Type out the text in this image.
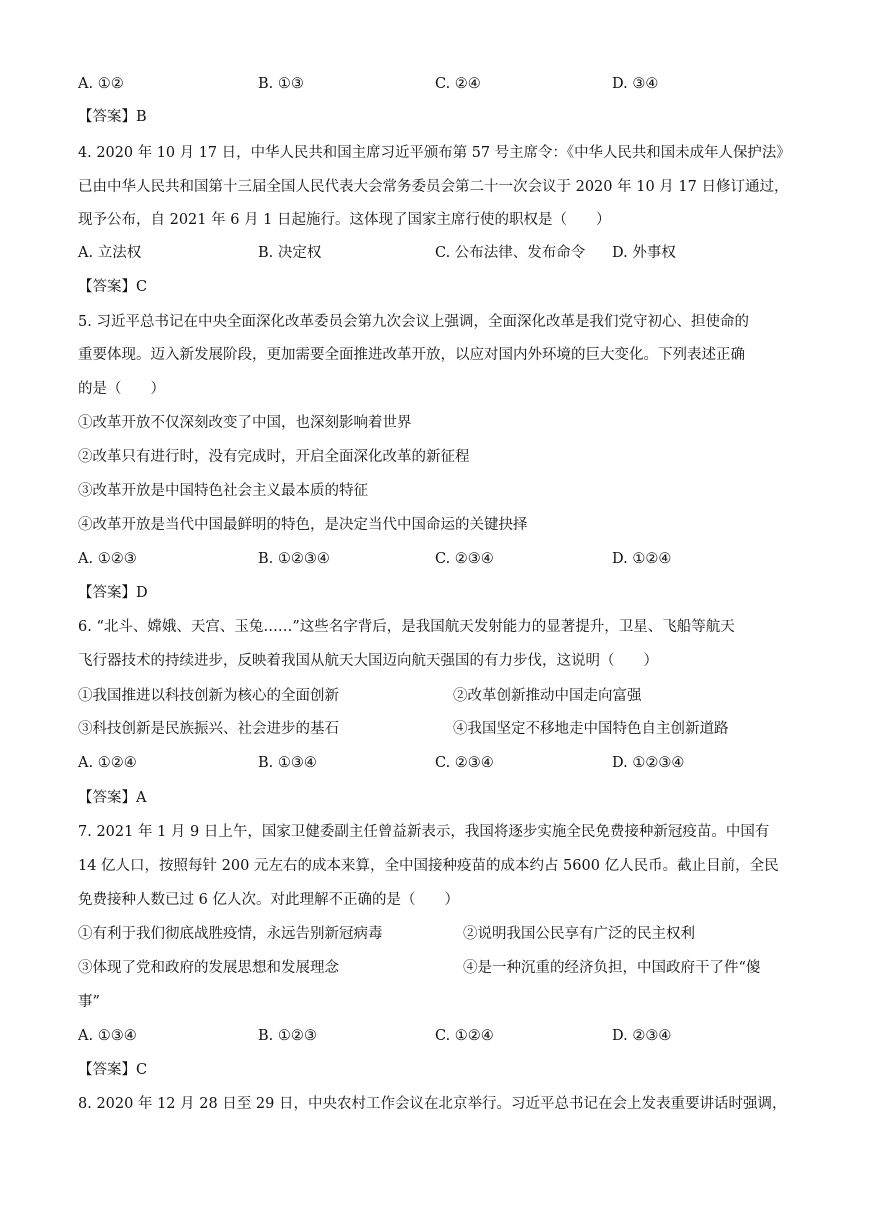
A. ①②	B. ①③	C. ②④	D. ③④
【答案】B
4. 2020 年 10 月 17 日，中华人民共和国主席习近平颁布第 57 号主席令：《中华人民共和国未成年人保护法》
已由中华人民共和国第十三届全国人民代表大会常务委员会第二十一次会议于 2020 年 10 月 17 日修订通过，
现予公布，自 2021 年 6 月 1 日起施行。这体现了国家主席行使的职权是（　　）
A. 立法权	B. 决定权	C. 公布法律、发布命令 D. 外事权
【答案】C
5. 习近平总书记在中央全面深化改革委员会第九次会议上强调，全面深化改革是我们党守初心、担使命的
重要体现。迈入新发展阶段，更加需要全面推进改革开放，以应对国内外环境的巨大变化。下列表述正确
的是（　　）
①改革开放不仅深刻改变了中国，也深刻影响着世界
②改革只有进行时，没有完成时，开启全面深化改革的新征程
③改革开放是中国特色社会主义最本质的特征
④改革开放是当代中国最鲜明的特色，是决定当代中国命运的关键抉择
A. ①②③	B. ①②③④	C. ②③④	D. ①②④
【答案】D
6. “北斗、嫦娥、天宫、玉兔……”这些名字背后，是我国航天发射能力的显著提升，卫星、飞船等航天
飞行器技术的持续进步，反映着我国从航天大国迈向航天强国的有力步伐，这说明（　　）
①我国推进以科技创新为核心的全面创新	②改革创新推动中国走向富强
③科技创新是民族振兴、社会进步的基石	④我国坚定不移地走中国特色自主创新道路
A. ①②④	B. ①③④	C. ②③④	D. ①②③④
【答案】A
7. 2021 年 1 月 9 日上午，国家卫健委副主任曾益新表示，我国将逐步实施全民免费接种新冠疫苗。中国有
14 亿人口，按照每针 200 元左右的成本来算，全中国接种疫苗的成本约占 5600 亿人民币。截止目前，全民
免费接种人数已过 6 亿人次。对此理解不正确的是（　　）
①有利于我们彻底战胜疫情，永远告别新冠病毒	②说明我国公民享有广泛的民主权利
③体现了党和政府的发展思想和发展理念	④是一种沉重的经济负担，中国政府干了件“傻
事”
A. ①③④	B. ①②③	C. ①②④	D. ②③④
【答案】C
8. 2020 年 12 月 28 日至 29 日，中央农村工作会议在北京举行。习近平总书记在会上发表重要讲话时强调，
